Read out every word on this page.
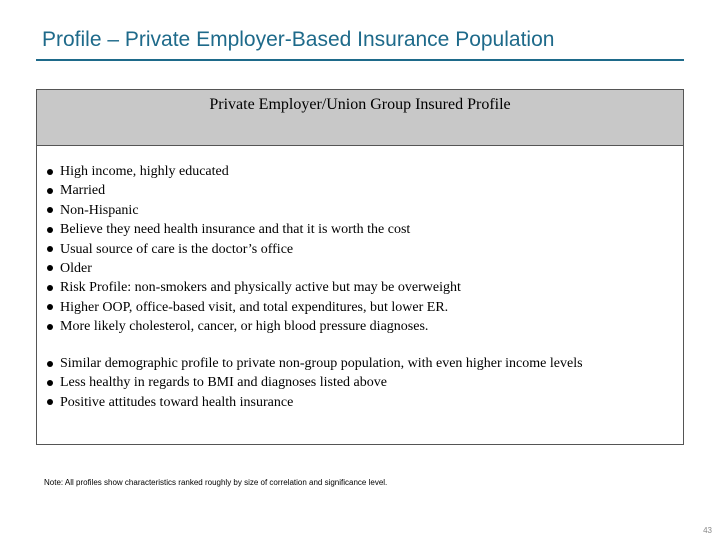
Profile – Private Employer-Based Insurance Population
Private Employer/Union Group Insured Profile
High income, highly educated
Married
Non-Hispanic
Believe they need health insurance and that it is worth the cost
Usual source of care is the doctor’s office
Older
Risk Profile: non-smokers and physically active but may be overweight
Higher OOP, office-based visit, and total expenditures, but lower ER.
More likely cholesterol, cancer, or high blood pressure diagnoses.
Similar demographic profile to private non-group population, with even higher income levels
Less healthy in regards to BMI and diagnoses listed above
Positive attitudes toward health insurance
Note: All profiles show characteristics ranked roughly by size of correlation and significance level.
43
